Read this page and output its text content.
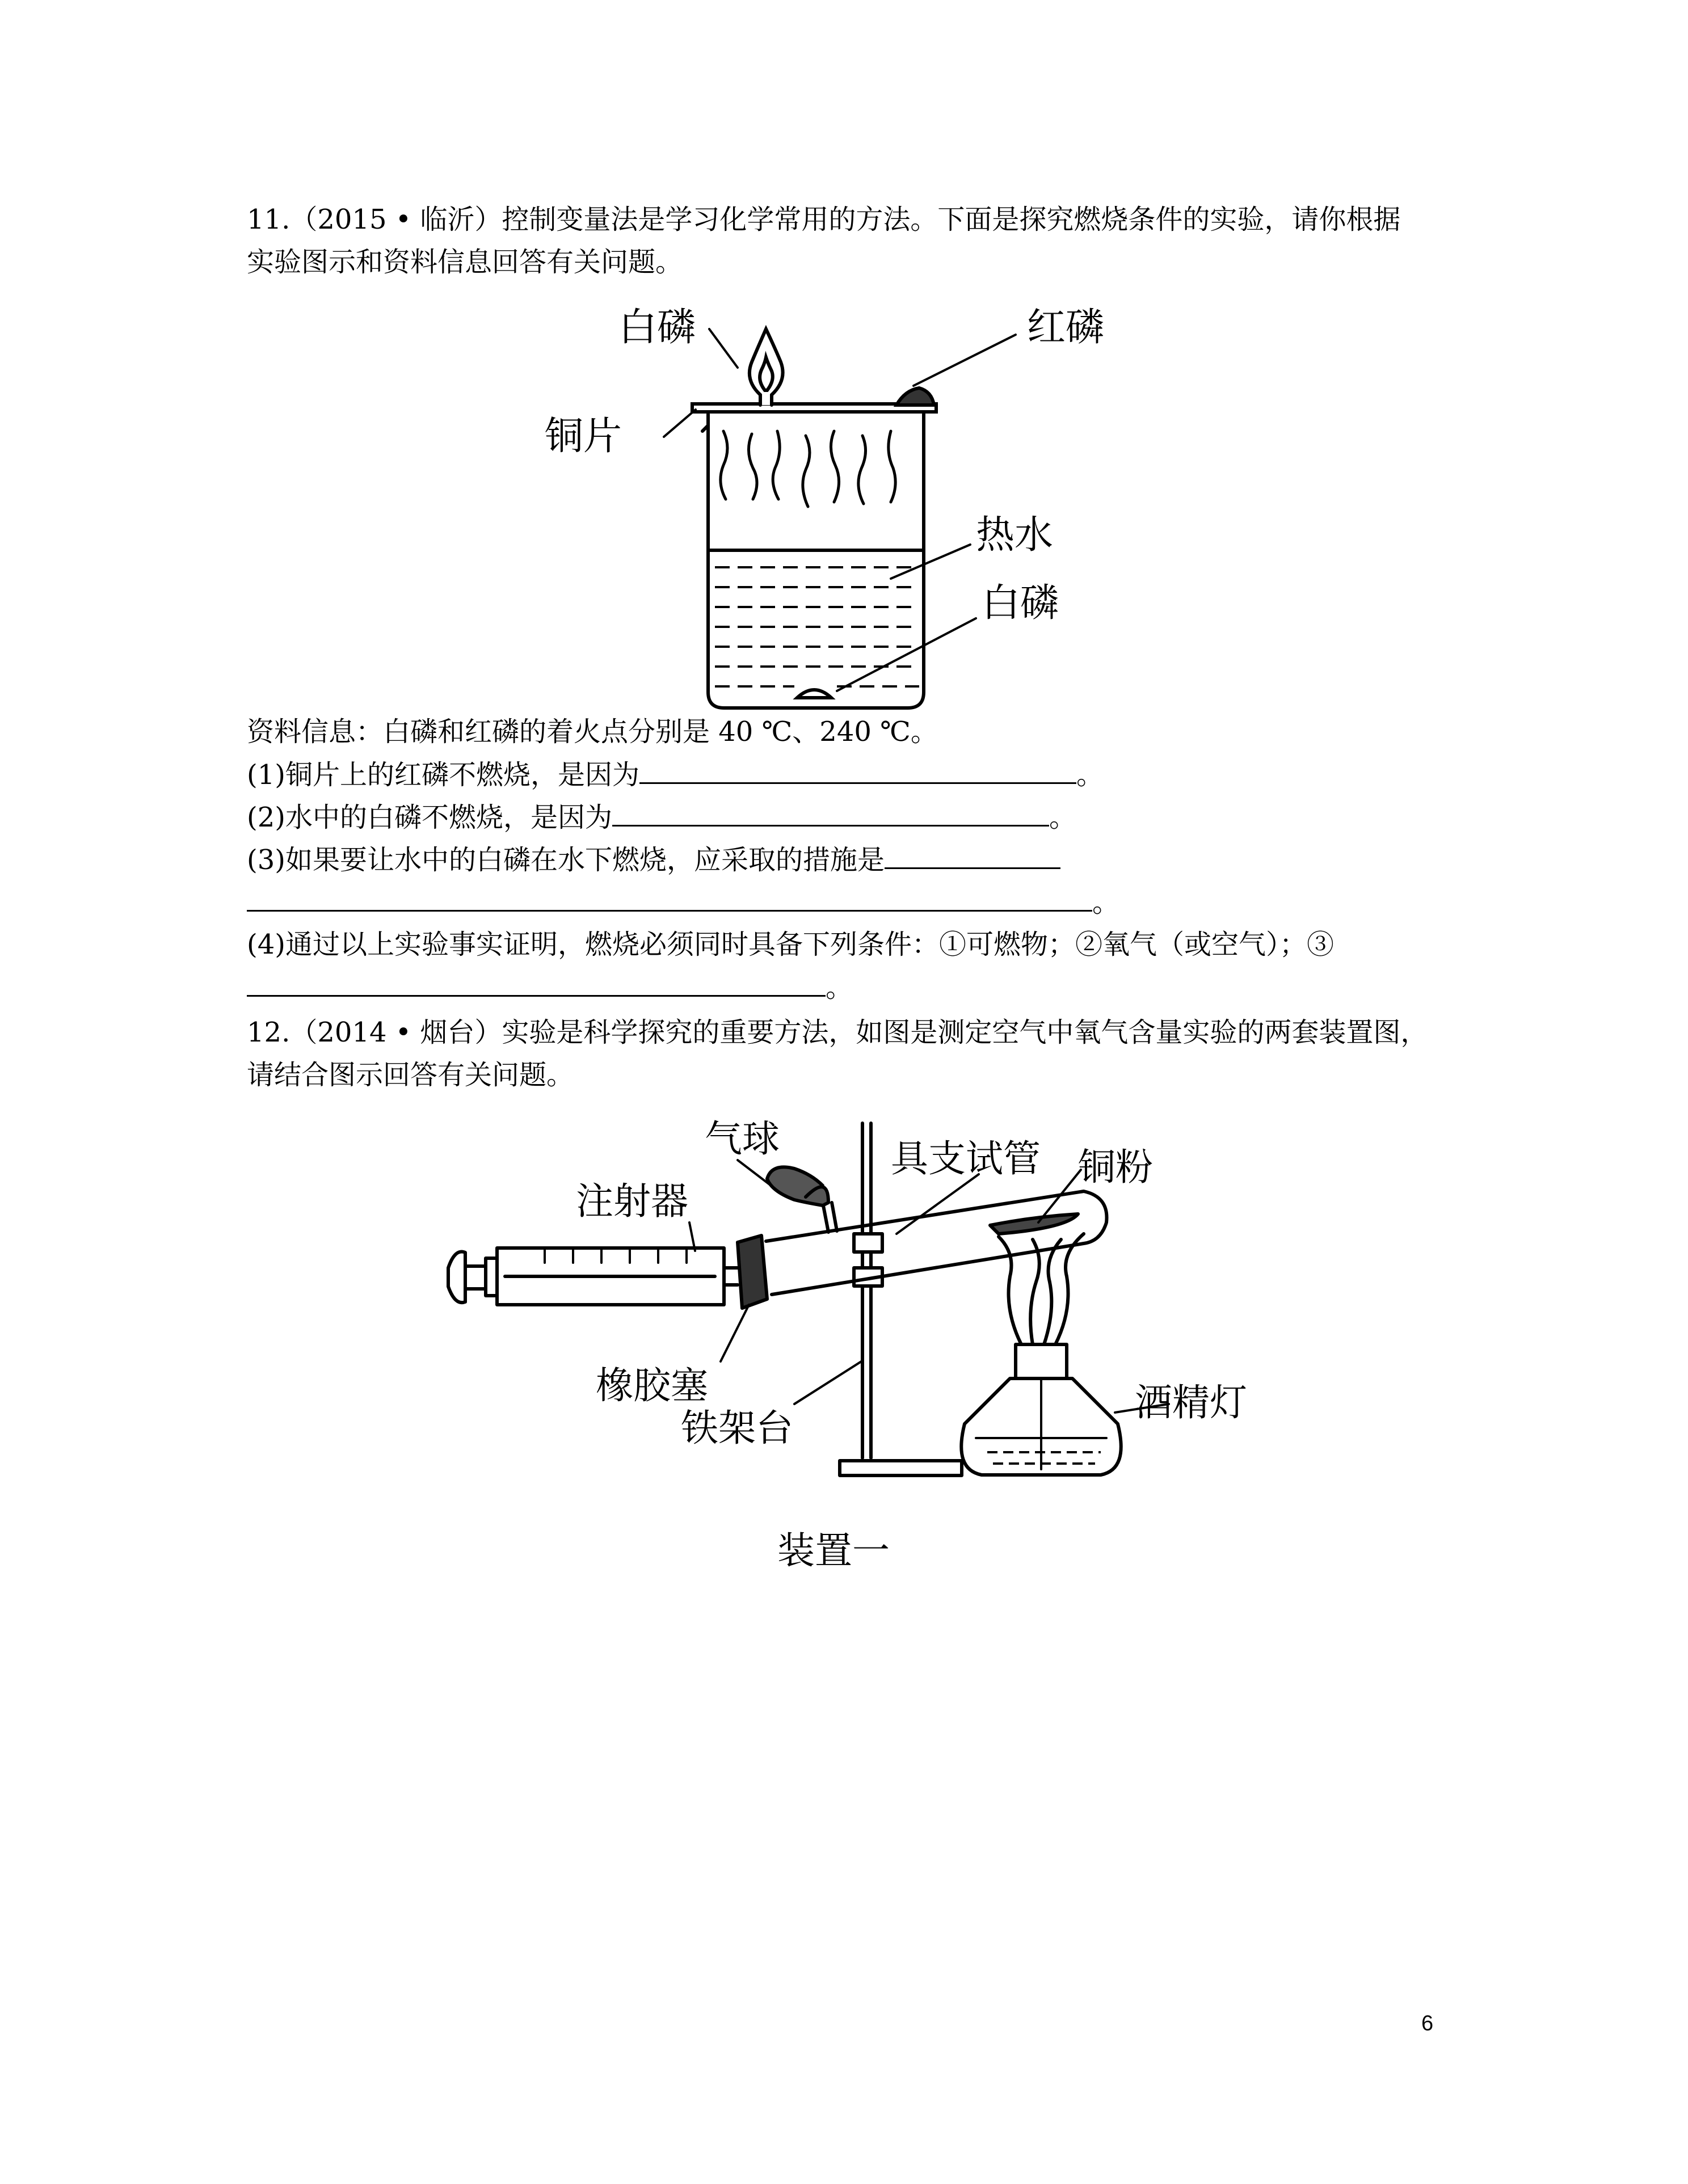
11.（2015 • 临沂）控制变量法是学习化学常用的方法。下面是探究燃烧条件的实验，请你根据
实验图示和资料信息回答有关问题。
白磷	红磷
铜片
热水
白磷
资料信息：白磷和红磷的着火点分别是 40 ℃、240 ℃。
(1)铜片上的红磷不燃烧，是因为	。
(2)水中的白磷不燃烧，是因为	。
(3)如果要让水中的白磷在水下燃烧，应采取的措施是
。
(4)通过以上实验事实证明，燃烧必须同时具备下列条件：①可燃物；②氧气（或空气）；③
。
12.（2014 • 烟台）实验是科学探究的重要方法，如图是测定空气中氧气含量实验的两套装置图，
请结合图示回答有关问题。
气球
注射器
具支试管 铜粉
橡胶塞
铁架台
酒精灯
装置一
6
